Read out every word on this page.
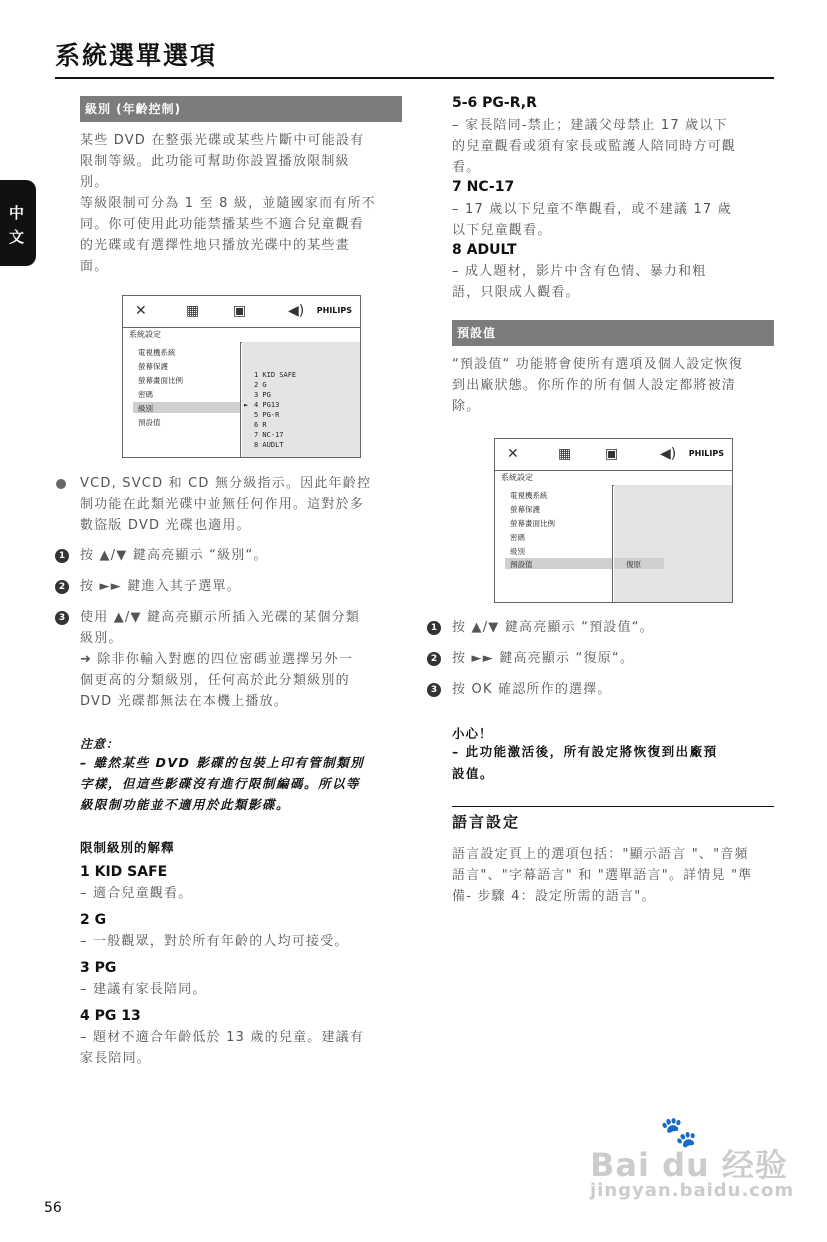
系統選單選項
中
文
級別 (年齡控制)
某些 DVD 在整張光碟或某些片斷中可能設有
限制等級。此功能可幫助你設置播放限制級
別。
等級限制可分為 1 至 8 級，並隨國家而有所不
同。你可使用此功能禁播某些不適合兒童觀看
的光碟或有選擇性地只播放光碟中的某些畫
面。
✕	▦ ▣	◀) PHILIPS
系統設定
電視機系統
螢幕保護
螢幕畫面比例
密碼
級別
預設值
1 KID SAFE
2 G
3 PG
► 4 PG13
5 PG-R
6 R
7 NC-17
8 AUDLT
VCD, SVCD 和 CD 無分級指示。因此年齡控
制功能在此類光碟中並無任何作用。這對於多
數盜版 DVD 光碟也適用。
1 按 ▲/▼ 鍵高亮顯示 “級別“。
2 按 ►► 鍵進入其子選單。
3 使用 ▲/▼ 鍵高亮顯示所插入光碟的某個分類
級別。
➜ 除非你輸入對應的四位密碼並選擇另外一
個更高的分類級別，任何高於此分類級別的
DVD 光碟都無法在本機上播放。
注意：
– 雖然某些 DVD 影碟的包裝上印有管制類別
字樣，但這些影碟沒有進行限制編碼。所以等
級限制功能並不適用於此類影碟。
限制級別的解釋
1 KID SAFE
– 適合兒童觀看。
2 G
– 一般觀眾，對於所有年齡的人均可接受。
3 PG
– 建議有家長陪同。
4 PG 13
– 題材不適合年齡低於 13 歲的兒童。建議有
家長陪同。
5-6 PG-R,R
– 家長陪同-禁止；建議父母禁止 17 歲以下
的兒童觀看或須有家長或監護人陪同時方可觀
看。
7 NC-17
– 17 歲以下兒童不準觀看，或不建議 17 歲
以下兒童觀看。
8 ADULT
– 成人題材，影片中含有色情、暴力和粗
語，只限成人觀看。
預設值
“預設值“ 功能將會使所有選項及個人設定恢復
到出廠狀態。你所作的所有個人設定都將被清
除。
✕	▦ ▣	◀) PHILIPS
系統設定
電視機系統
螢幕保護
螢幕畫面比例
密碼
級別
預設值	復原
1 按 ▲/▼ 鍵高亮顯示 “預設值“。
2 按 ►► 鍵高亮顯示 “復原“。
3 按 OK 確認所作的選擇。
小心！
– 此功能激活後，所有設定將恢復到出廠預
設值。
語言設定
語言設定頁上的選項包括："顯示語言 "、"音頻
語言"、"字幕語言" 和 "選單語言"。詳情見 "準
備- 步驟 4：設定所需的語言"。
Bai du 经验
🐾
jingyan.baidu.com
56
